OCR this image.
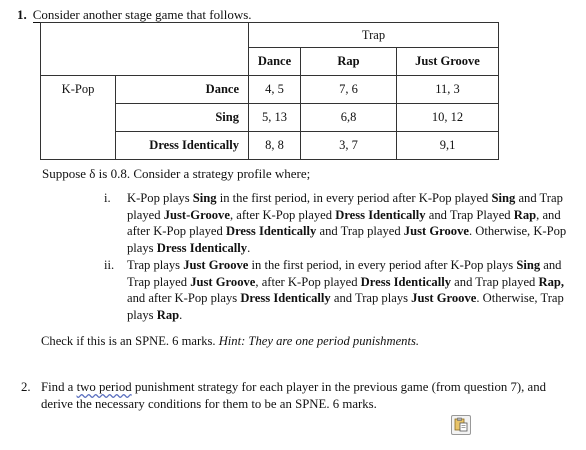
1. Consider another stage game that follows.
		Trap		
		Dance	Rap	Just Groove
K-Pop	Dance	4, 5	7, 6	11, 3
	Sing	5, 13	6,8	10, 12
	Dress Identically	8, 8	3, 7	9,1
Suppose δ is 0.8. Consider a strategy profile where;
i. K-Pop plays Sing in the first period, in every period after K-Pop played Sing and Trap played Just-Groove, after K-Pop played Dress Identically and Trap Played Rap, and after K-Pop played Dress Identically and Trap played Just Groove. Otherwise, K-Pop plays Dress Identically.
ii. Trap plays Just Groove in the first period, in every period after K-Pop plays Sing and Trap played Just Groove, after K-Pop played Dress Identically and Trap played Rap, and after K-Pop plays Dress Identically and Trap plays Just Groove. Otherwise, Trap plays Rap.
Check if this is an SPNE. 6 marks. Hint: They are one period punishments.
2. Find a two period punishment strategy for each player in the previous game (from question 7), and derive the necessary conditions for them to be an SPNE. 6 marks.
